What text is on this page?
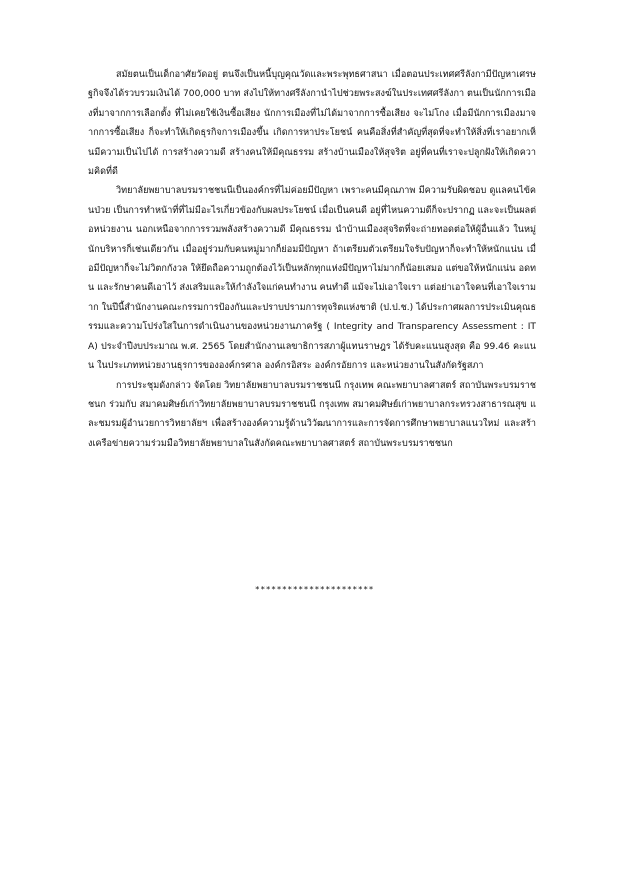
สมัยตนเป็นเด็กอาศัยวัดอยู่ ตนจึงเป็นหนี้บุญคุณวัดและพระพุทธศาสนา เมื่อตอนประเทศศรีลังกามีปัญหาเศรษฐกิจจึงได้รวบรวมเงินได้ 700,000 บาท ส่งไปให้ทางศรีลังกานำไปช่วยพระสงฆ์ในประเทศศรีลังกา ตนเป็นนักการเมืองที่มาจากการเลือกตั้ง ที่ไม่เคยใช้เงินซื้อเสียง นักการเมืองที่ไม่ได้มาจากการซื้อเสียง จะไม่โกง เมื่อมีนักการเมืองมาจากการซื้อเสียง ก็จะทำให้เกิดธุรกิจการเมืองขึ้น เกิดการหาประโยชน์ คนคือสิ่งที่สำคัญที่สุดที่จะทำให้สิ่งที่เราอยากเห็นมีความเป็นไปได้ การสร้างความดี สร้างคนให้มีคุณธรรม สร้างบ้านเมืองให้สุจริต อยู่ที่คนที่เราจะปลูกฝังให้เกิดความคิดที่ดี

วิทยาลัยพยาบาลบรมราชชนนีเป็นองค์กรที่ไม่ค่อยมีปัญหา เพราะคนมีคุณภาพ มีความรับผิดชอบ ดูแลคนไข้คนป่วย เป็นการทำหน้าที่ที่ไม่มีอะไรเกี่ยวข้องกับผลประโยชน์ เมื่อเป็นคนดี อยู่ที่ไหนความดีก็จะปรากฏ และจะเป็นผลต่อหน่วยงาน นอกเหนือจากการรวมพลังสร้างความดี มีคุณธรรม นำบ้านเมืองสุจริตที่จะถ่ายทอดต่อให้ผู้อื่นแล้ว ในหมู่นักบริหารก็เช่นเดียวกัน เมื่ออยู่ร่วมกับคนหมู่มากก็ย่อมมีปัญหา ถ้าเตรียมตัวเตรียมใจรับปัญหาก็จะทำให้หนักแน่น เมื่อมีปัญหาก็จะไม่วิตกกังวล ให้ยึดถือความถูกต้องไว้เป็นหลักทุกแห่งมีปัญหาไม่มากก็น้อยเสมอ แต่ขอให้หนักแน่น อดทน และรักษาคนดีเอาไว้ ส่งเสริมและให้กำลังใจแก่คนทำงาน คนทำดี แม้จะไม่เอาใจเรา แต่อย่าเอาใจคนที่เอาใจเรามาก ในปีนี้สำนักงานคณะกรรมการป้องกันและปราบปรามการทุจริตแห่งชาติ (ป.ป.ช.) ได้ประกาศผลการประเมินคุณธรรมและความโปร่งใสในการดำเนินงานของหน่วยงานภาครัฐ ( Integrity and Transparency Assessment : ITA) ประจำปีงบประมาณ พ.ศ. 2565 โดยสำนักงานเลขาธิการสภาผู้แทนราษฎร ได้รับคะแนนสูงสุด คือ 99.46 คะแนน ในประเภทหน่วยงานธุรการขององค์กรศาล องค์กรอิสระ องค์กรอัยการ และหน่วยงานในสังกัดรัฐสภา

การประชุมดังกล่าว จัดโดย วิทยาลัยพยาบาลบรมราชชนนี กรุงเทพ คณะพยาบาลศาสตร์ สถาบันพระบรมราชชนก ร่วมกับ สมาคมศิษย์เก่าวิทยาลัยพยาบาลบรมราชชนนี กรุงเทพ สมาคมศิษย์เก่าพยาบาลกระทรวงสาธารณสุข และชมรมผู้อำนวยการวิทยาลัยฯ เพื่อสร้างองค์ความรู้ด้านวิวัฒนาการและการจัดการศึกษาพยาบาลแนวใหม่ และสร้างเครือข่ายความร่วมมือวิทยาลัยพยาบาลในสังกัดคณะพยาบาลศาสตร์ สถาบันพระบรมราชชนก

**********************
